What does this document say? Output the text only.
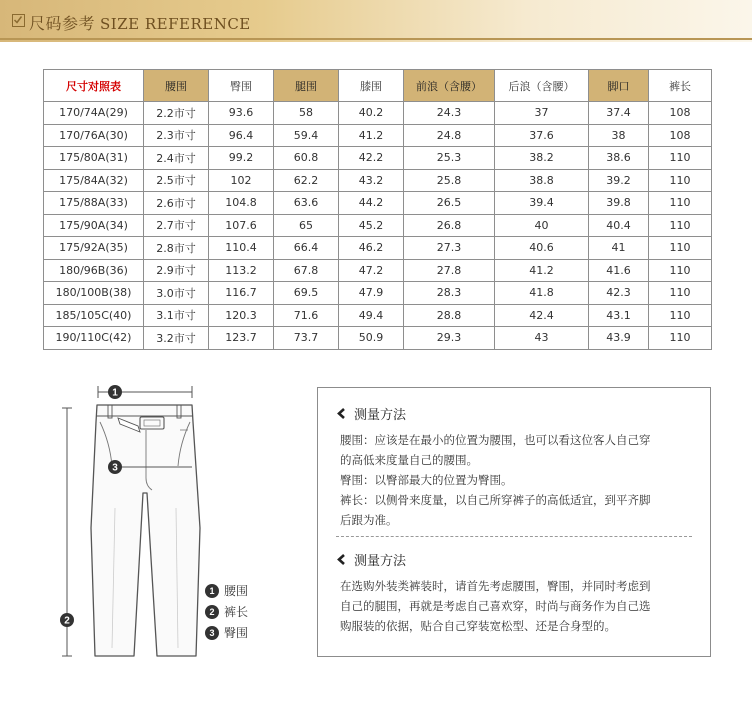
尺码参考 SIZE REFERENCE
尺寸对照表	腰围	臀围	腿围	膝围	前浪（含腰）	后浪（含腰）	脚口	裤长
170/74A(29)	2.2市寸	93.6	58	40.2	24.3	37	37.4	108
170/76A(30)	2.3市寸	96.4	59.4	41.2	24.8	37.6	38	108
175/80A(31)	2.4市寸	99.2	60.8	42.2	25.3	38.2	38.6	110
175/84A(32)	2.5市寸	102	62.2	43.2	25.8	38.8	39.2	110
175/88A(33)	2.6市寸	104.8	63.6	44.2	26.5	39.4	39.8	110
175/90A(34)	2.7市寸	107.6	65	45.2	26.8	40	40.4	110
175/92A(35)	2.8市寸	110.4	66.4	46.2	27.3	40.6	41	110
180/96B(36)	2.9市寸	113.2	67.8	47.2	27.8	41.2	41.6	110
180/100B(38)	3.0市寸	116.7	69.5	47.9	28.3	41.8	42.3	110
185/105C(40)	3.1市寸	120.3	71.6	49.4	28.8	42.4	43.1	110
190/110C(42)	3.2市寸	123.7	73.7	50.9	29.3	43	43.9	110
1
3
2
1 腰围
2 裤长
3 臀围
测量方法
腰围：应该是在最小的位置为腰围，也可以看这位客人自己穿
的高低来度量自己的腰围。
臀围：以臀部最大的位置为臀围。
裤长：以侧骨来度量，以自己所穿裤子的高低适宜，到平齐脚
后跟为准。
测量方法
在选购外装类裤装时，请首先考虑腰围，臀围，并同时考虑到
自己的腿围，再就是考虑自己喜欢穿，时尚与商务作为自己选
购服装的依据，贴合自己穿装宽松型、还是合身型的。
